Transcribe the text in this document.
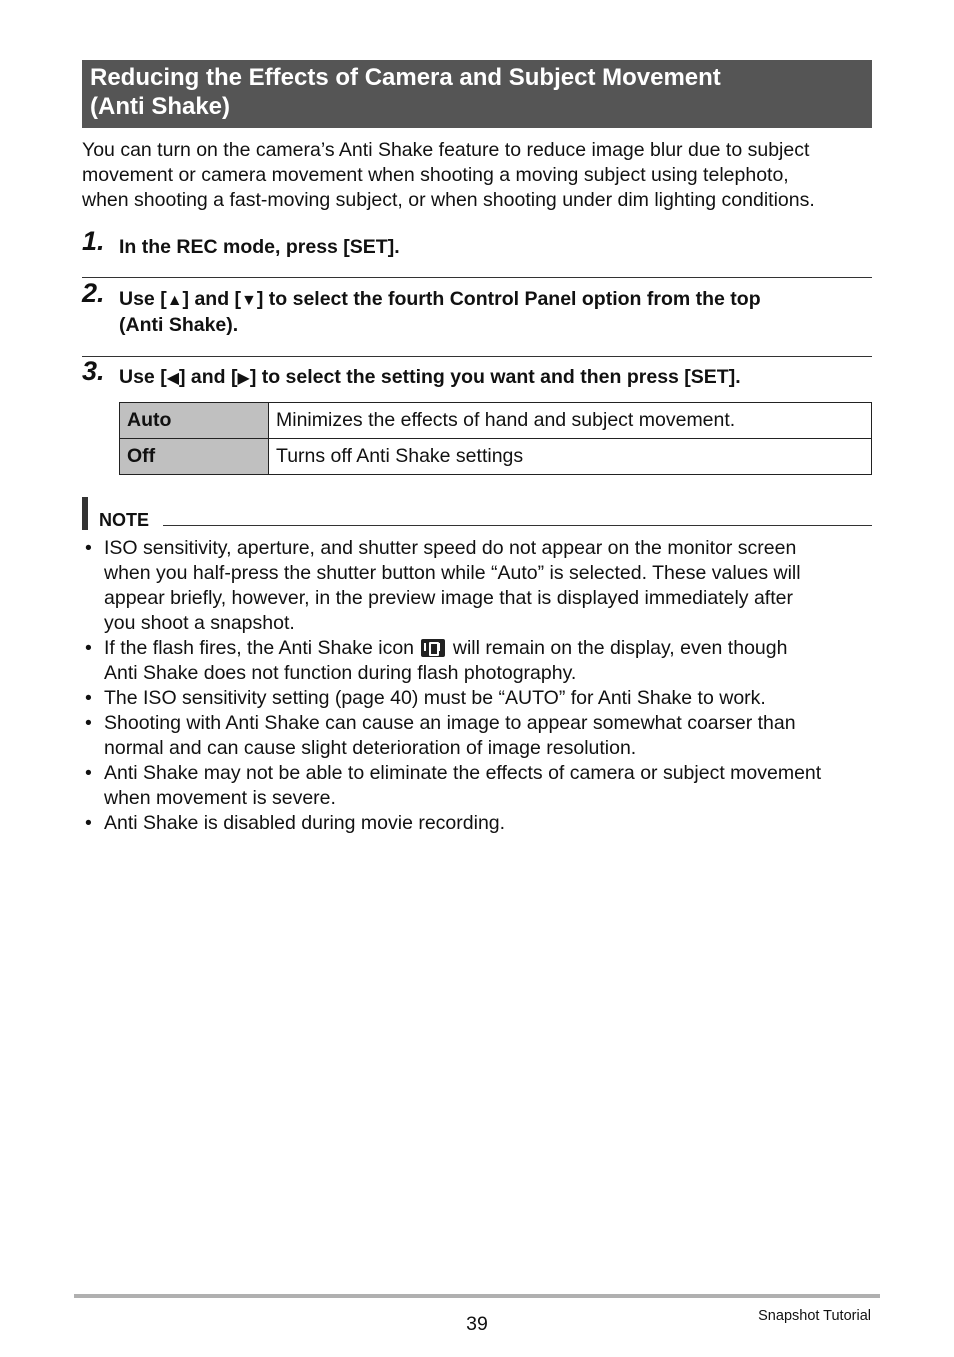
Reducing the Effects of Camera and Subject Movement
(Anti Shake)
You can turn on the camera’s Anti Shake feature to reduce image blur due to subject
movement or camera movement when shooting a moving subject using telephoto,
when shooting a fast-moving subject, or when shooting under dim lighting conditions.
1. In the REC mode, press [SET].
2. Use [▲] and [▼] to select the fourth Control Panel option from the top
(Anti Shake).
3. Use [◀] and [▶] to select the setting you want and then press [SET].
Auto	Minimizes the effects of hand and subject movement.
Off	Turns off Anti Shake settings
NOTE
• ISO sensitivity, aperture, and shutter speed do not appear on the monitor screen
when you half-press the shutter button while “Auto” is selected. These values will
appear briefly, however, in the preview image that is displayed immediately after
you shoot a snapshot.
• If the flash fires, the Anti Shake icon will remain on the display, even though
Anti Shake does not function during flash photography.
• The ISO sensitivity setting (page 40) must be “AUTO” for Anti Shake to work.
• Shooting with Anti Shake can cause an image to appear somewhat coarser than
normal and can cause slight deterioration of image resolution.
• Anti Shake may not be able to eliminate the effects of camera or subject movement
when movement is severe.
• Anti Shake is disabled during movie recording.
39	Snapshot Tutorial
